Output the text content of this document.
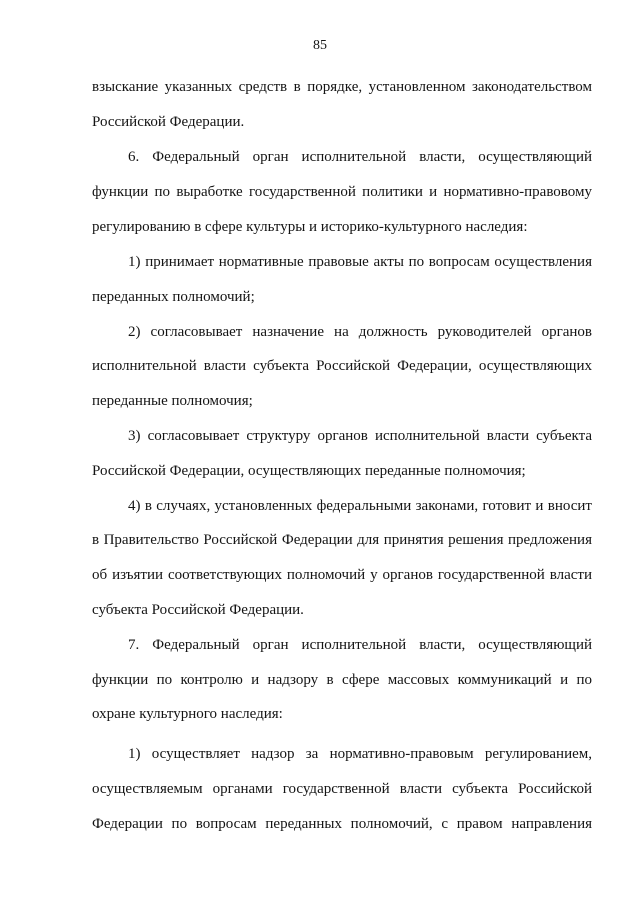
85
взыскание указанных средств в порядке, установленном законодательством
Российской Федерации.
6. Федеральный орган исполнительной власти, осуществляющий
функции по выработке государственной политики и нормативно-правовому
регулированию в сфере культуры и историко-культурного наследия:
1) принимает нормативные правовые акты по вопросам осуществления
переданных полномочий;
2) согласовывает назначение на должность руководителей органов
исполнительной власти субъекта Российской Федерации, осуществляющих
переданные полномочия;
3) согласовывает структуру органов исполнительной власти субъекта
Российской Федерации, осуществляющих переданные полномочия;
4) в случаях, установленных федеральными законами, готовит и вносит
в Правительство Российской Федерации для принятия решения предложения
об изъятии соответствующих полномочий у органов государственной власти
субъекта Российской Федерации.
7. Федеральный орган исполнительной власти, осуществляющий
функции по контролю и надзору в сфере массовых коммуникаций и по
охране культурного наследия:
1) осуществляет надзор за нормативно-правовым регулированием,
осуществляемым органами государственной власти субъекта Российской
Федерации по вопросам переданных полномочий, с правом направления
